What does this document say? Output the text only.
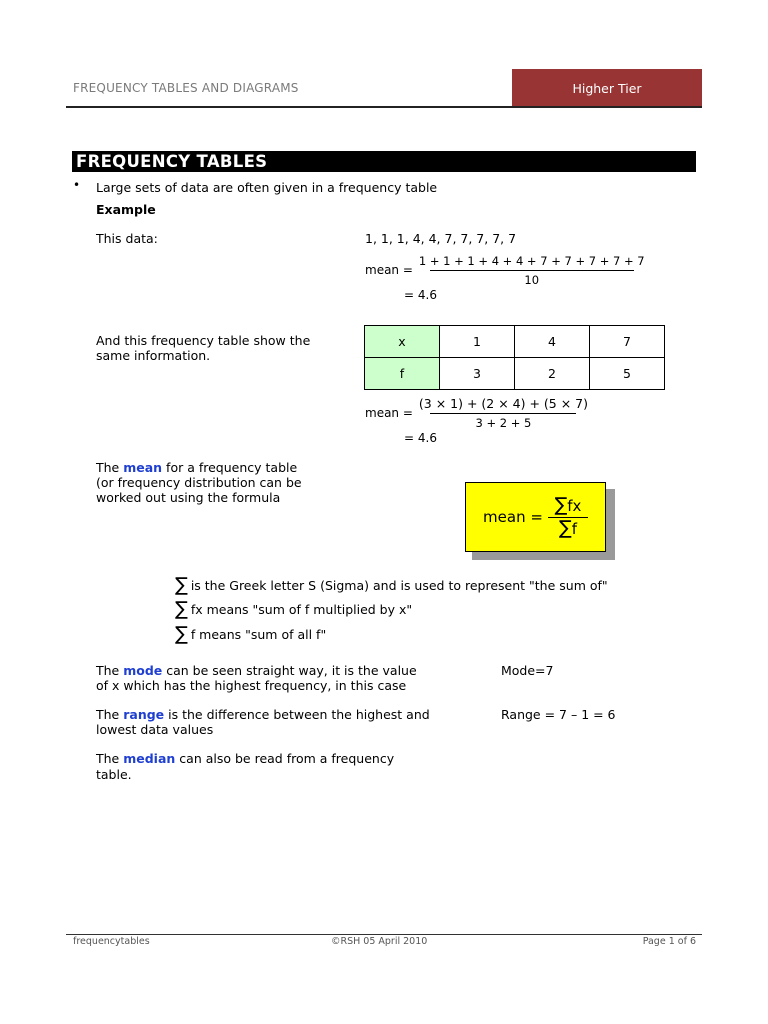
FREQUENCY TABLES AND DIAGRAMS	Higher Tier
FREQUENCY TABLES
• Large sets of data are often given in a frequency table
Example
This data:	1, 1, 1, 4, 4, 7, 7, 7, 7, 7
mean = $\frac{1 + 1 + 1 + 4 + 4 + 7 + 7 + 7 + 7 + 7}{10}$
= 4.6
And this frequency table show the
same information.
x	1	4	7
f	3	2	5
mean = $\frac{(3 \times 1) + (2 \times 4) + (5 \times 7)}{3 + 2 + 5}$
= 4.6
The mean for a frequency table
(or frequency distribution can be
worked out using the formula
mean = $\frac{\sum fx}{\sum f}$
∑ is the Greek letter S (Sigma) and is used to represent "the sum of"
∑ fx means "sum of f multiplied by x"
∑ f means "sum of all f"
The mode can be seen straight way, it is the value
of x which has the highest frequency, in this case
Mode=7
The range is the difference between the highest and
lowest data values
Range = 7 – 1 = 6
The median can also be read from a frequency
table.
frequencytables	©RSH 05 April 2010	Page 1 of 6
